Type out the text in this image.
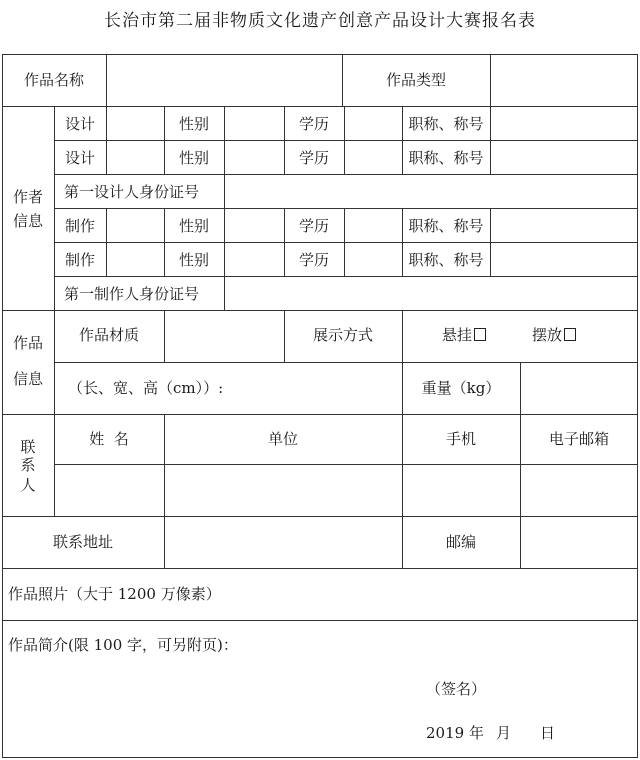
长治市第二届非物质文化遗产创意产品设计大赛报名表
作品名称	作品类型
作者
信息
设计	性别	学历	职称、称号
设计	性别	学历	职称、称号
第一设计人身份证号
制作	性别	学历	职称、称号
制作	性别	学历	职称、称号
第一制作人身份证号
作品
信息
作品材质	展示方式	悬挂	摆放
（长、宽、高（cm））:	重量（kg）
联
系
人
姓  名	单位	手机	电子邮箱
联系地址	邮编
作品照片（大于 1200 万像素）
作品简介(限 100 字，可另附页)：
（签名）
2019 年 月 日
